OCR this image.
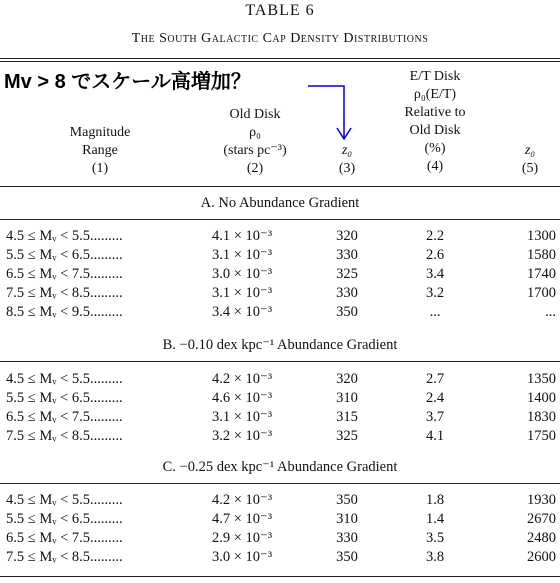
TABLE 6
The South Galactic Cap Density Distributions
Mv > 8 でスケール高増加？
Magnitude
Range
(1)
Old Disk
ρ₀
(stars pc⁻³)
(2)
z₀
(3)
E/T Disk
ρ₀(E/T)
Relative to
Old Disk
(%)
(4)
z₀
(5)
A. No Abundance Gradient
4.5 ≤ Mᵥ < 5.5.........	4.1 × 10⁻³	320	2.2	1300
5.5 ≤ Mᵥ < 6.5.........	3.1 × 10⁻³	330	2.6	1580
6.5 ≤ Mᵥ < 7.5.........	3.0 × 10⁻³	325	3.4	1740
7.5 ≤ Mᵥ < 8.5.........	3.1 × 10⁻³	330	3.2	1700
8.5 ≤ Mᵥ < 9.5.........	3.4 × 10⁻³	350	...	...
B. −0.10 dex kpc⁻¹ Abundance Gradient
4.5 ≤ Mᵥ < 5.5.........	4.2 × 10⁻³	320	2.7	1350
5.5 ≤ Mᵥ < 6.5.........	4.6 × 10⁻³	310	2.4	1400
6.5 ≤ Mᵥ < 7.5.........	3.1 × 10⁻³	315	3.7	1830
7.5 ≤ Mᵥ < 8.5.........	3.2 × 10⁻³	325	4.1	1750
C. −0.25 dex kpc⁻¹ Abundance Gradient
4.5 ≤ Mᵥ < 5.5.........	4.2 × 10⁻³	350	1.8	1930
5.5 ≤ Mᵥ < 6.5.........	4.7 × 10⁻³	310	1.4	2670
6.5 ≤ Mᵥ < 7.5.........	2.9 × 10⁻³	330	3.5	2480
7.5 ≤ Mᵥ < 8.5.........	3.0 × 10⁻³	350	3.8	2600
